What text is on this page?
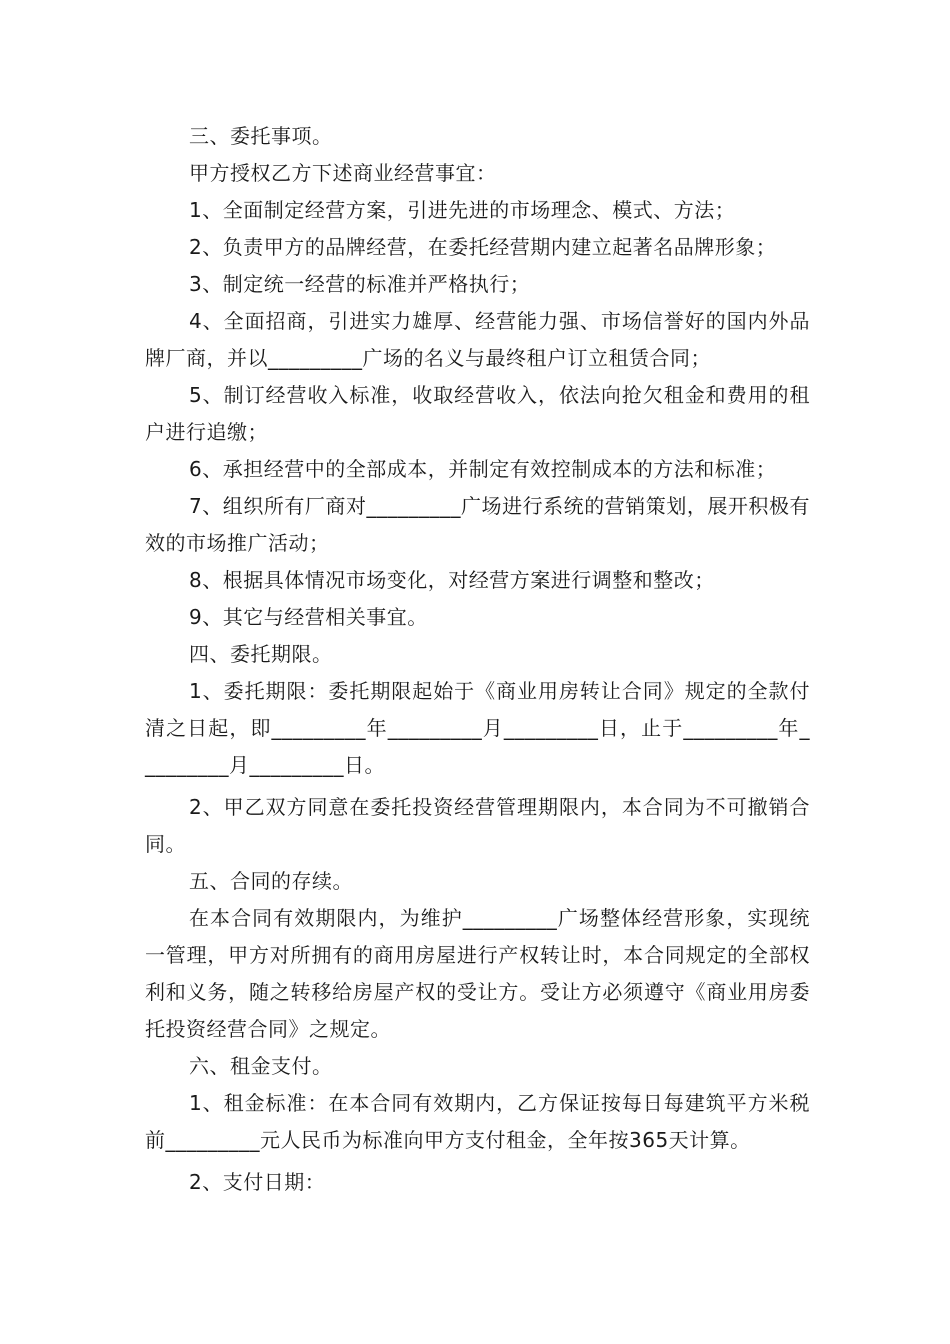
三、委托事项。

甲方授权乙方下述商业经营事宜：

1、全面制定经营方案，引进先进的市场理念、模式、方法；

2、负责甲方的品牌经营，在委托经营期内建立起著名品牌形象；

3、制定统一经营的标准并严格执行；

4、全面招商，引进实力雄厚、经营能力强、市场信誉好的国内外品牌厂商，并以_________广场的名义与最终租户订立租赁合同；

5、制订经营收入标准，收取经营收入，依法向抢欠租金和费用的租户进行追缴；

6、承担经营中的全部成本，并制定有效控制成本的方法和标准；

7、组织所有厂商对_________广场进行系统的营销策划，展开积极有效的市场推广活动；

8、根据具体情况市场变化，对经营方案进行调整和整改；

9、其它与经营相关事宜。

四、委托期限。

1、委托期限：委托期限起始于《商业用房转让合同》规定的全款付清之日起，即_________年_________月_________日，止于_________年_________月_________日。

2、甲乙双方同意在委托投资经营管理期限内，本合同为不可撤销合同。

五、合同的存续。

在本合同有效期限内，为维护_________广场整体经营形象，实现统一管理，甲方对所拥有的商用房屋进行产权转让时，本合同规定的全部权利和义务，随之转移给房屋产权的受让方。受让方必须遵守《商业用房委托投资经营合同》之规定。

六、租金支付。

1、租金标准：在本合同有效期内，乙方保证按每日每建筑平方米税前_________元人民币为标准向甲方支付租金，全年按365天计算。

2、支付日期：
